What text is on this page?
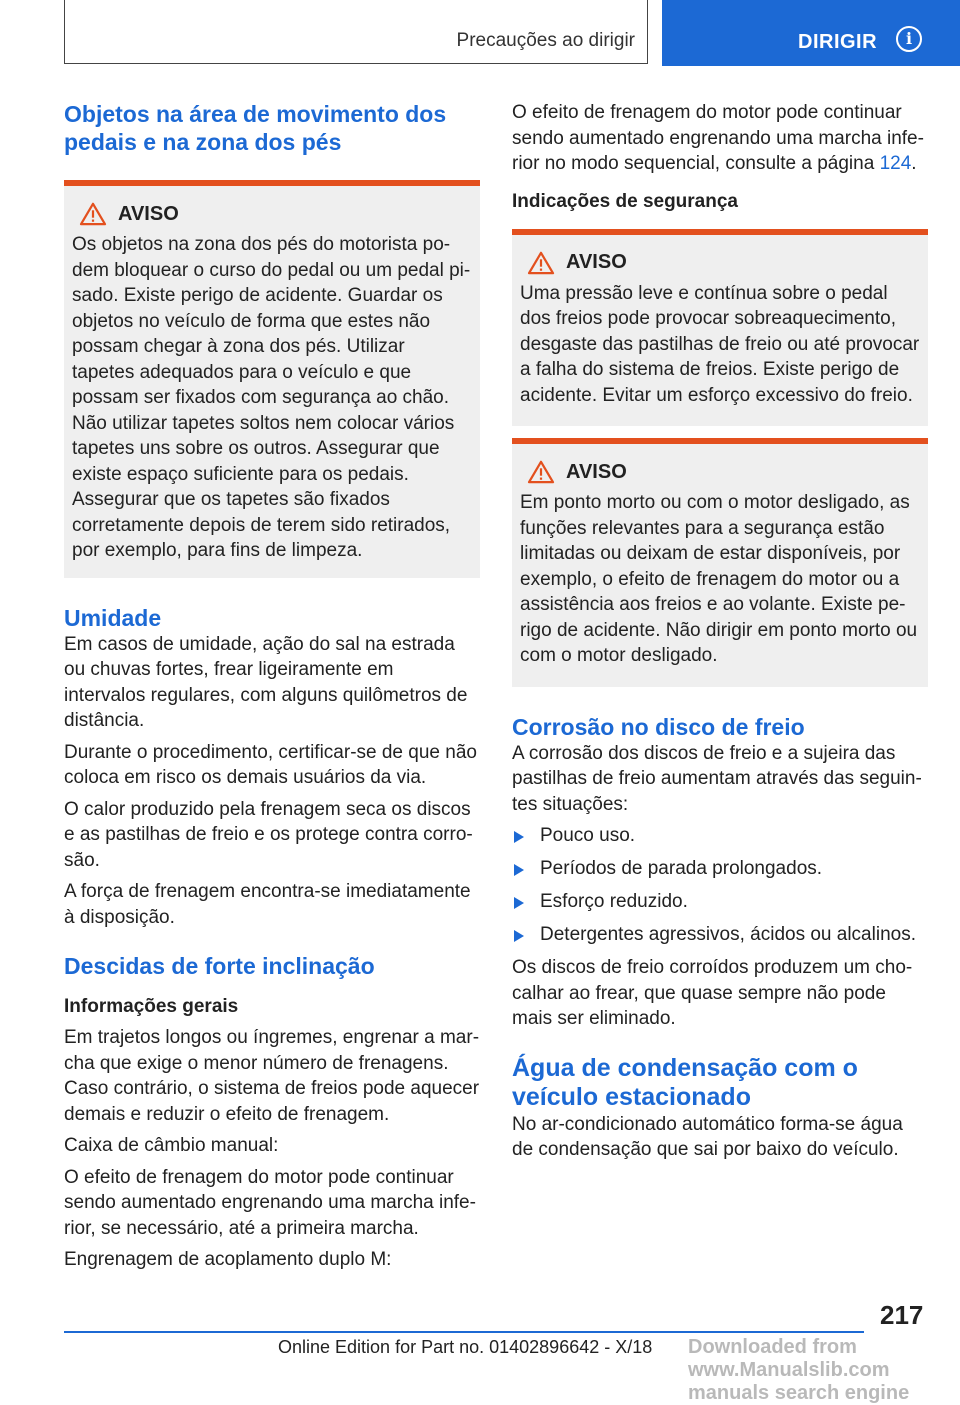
Precauções ao dirigir	DIRIGIR	i
Objetos na área de movimento dos pedais e na zona dos pés
AVISO

Os objetos na zona dos pés do motorista podem bloquear o curso do pedal ou um pedal pisado. Existe perigo de acidente. Guardar os objetos no veículo de forma que estes não possam chegar à zona dos pés. Utilizar tapetes adequados para o veículo e que possam ser fixados com segurança ao chão. Não utilizar tapetes soltos nem colocar vários tapetes uns sobre os outros. Assegurar que existe espaço suficiente para os pedais. Assegurar que os tapetes são fixados corretamente depois de terem sido retirados, por exemplo, para fins de limpeza.

Umidade

Em casos de umidade, ação do sal na estrada ou chuvas fortes, frear ligeiramente em intervalos regulares, com alguns quilômetros de distância.

Durante o procedimento, certificar-se de que não coloca em risco os demais usuários da via.

O calor produzido pela frenagem seca os discos e as pastilhas de freio e os protege contra corrosão.

A força de frenagem encontra-se imediatamente à disposição.

Descidas de forte inclinação
Informações gerais

Em trajetos longos ou íngremes, engrenar a marcha que exige o menor número de frenagens. Caso contrário, o sistema de freios pode aquecer demais e reduzir o efeito de frenagem.

Caixa de câmbio manual:

O efeito de frenagem do motor pode continuar sendo aumentado engrenando uma marcha inferior, se necessário, até a primeira marcha.

Engrenagem de acoplamento duplo M:

O efeito de frenagem do motor pode continuar sendo aumentado engrenando uma marcha inferior no modo sequencial, consulte a página 124.

Indicações de segurança
AVISO

Uma pressão leve e contínua sobre o pedal dos freios pode provocar sobreaquecimento, desgaste das pastilhas de freio ou até provocar a falha do sistema de freios. Existe perigo de acidente. Evitar um esforço excessivo do freio.

AVISO

Em ponto morto ou com o motor desligado, as funções relevantes para a segurança estão limitadas ou deixam de estar disponíveis, por exemplo, o efeito de frenagem do motor ou a assistência aos freios e ao volante. Existe perigo de acidente. Não dirigir em ponto morto ou com o motor desligado.

Corrosão no disco de freio

A corrosão dos discos de freio e a sujeira das pastilhas de freio aumentam através das seguintes situações:

Pouco uso.
Períodos de parada prolongados.
Esforço reduzido.
Detergentes agressivos, ácidos ou alcalinos.

Os discos de freio corroídos produzem um chocalhar ao frear, que quase sempre não pode mais ser eliminado.

Água de condensação com o veículo estacionado

No ar-condicionado automático forma-se água de condensação que sai por baixo do veículo.

217
Online Edition for Part no. 01402896642 - X/18 Downloaded from www.Manualslib.com manuals search engine
